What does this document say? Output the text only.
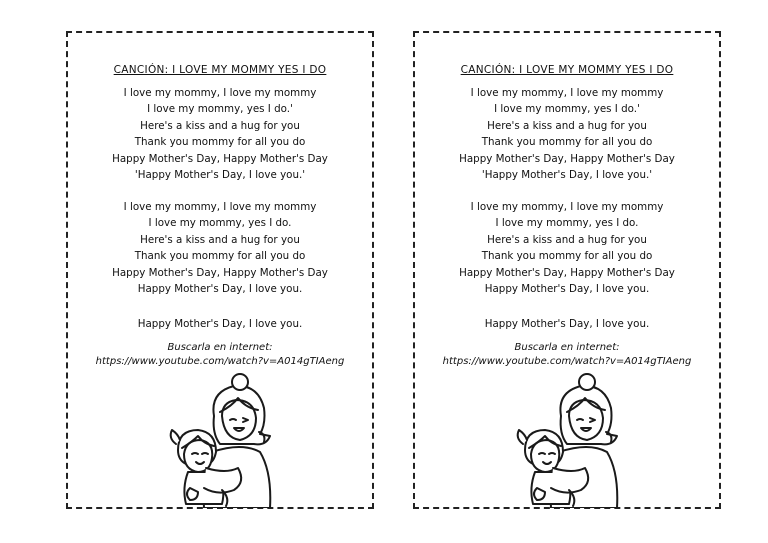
CANCIÓN: I LOVE MY MOMMY YES I DO
I love my mommy, I love my mommy
I love my mommy, yes I do.'
Here's a kiss and a hug for you
Thank you mommy for all you do
Happy Mother's Day, Happy Mother's Day
'Happy Mother's Day, I love you.'
I love my mommy, I love my mommy
I love my mommy, yes I do.
Here's a kiss and a hug for you
Thank you mommy for all you do
Happy Mother's Day, Happy Mother's Day
Happy Mother's Day, I love you.
Happy Mother's Day, I love you.
Buscarla en internet:
https://www.youtube.com/watch?v=A014gTIAeng
CANCIÓN: I LOVE MY MOMMY YES I DO
I love my mommy, I love my mommy
I love my mommy, yes I do.'
Here's a kiss and a hug for you
Thank you mommy for all you do
Happy Mother's Day, Happy Mother's Day
'Happy Mother's Day, I love you.'
I love my mommy, I love my mommy
I love my mommy, yes I do.
Here's a kiss and a hug for you
Thank you mommy for all you do
Happy Mother's Day, Happy Mother's Day
Happy Mother's Day, I love you.
Happy Mother's Day, I love you.
Buscarla en internet:
https://www.youtube.com/watch?v=A014gTIAeng
